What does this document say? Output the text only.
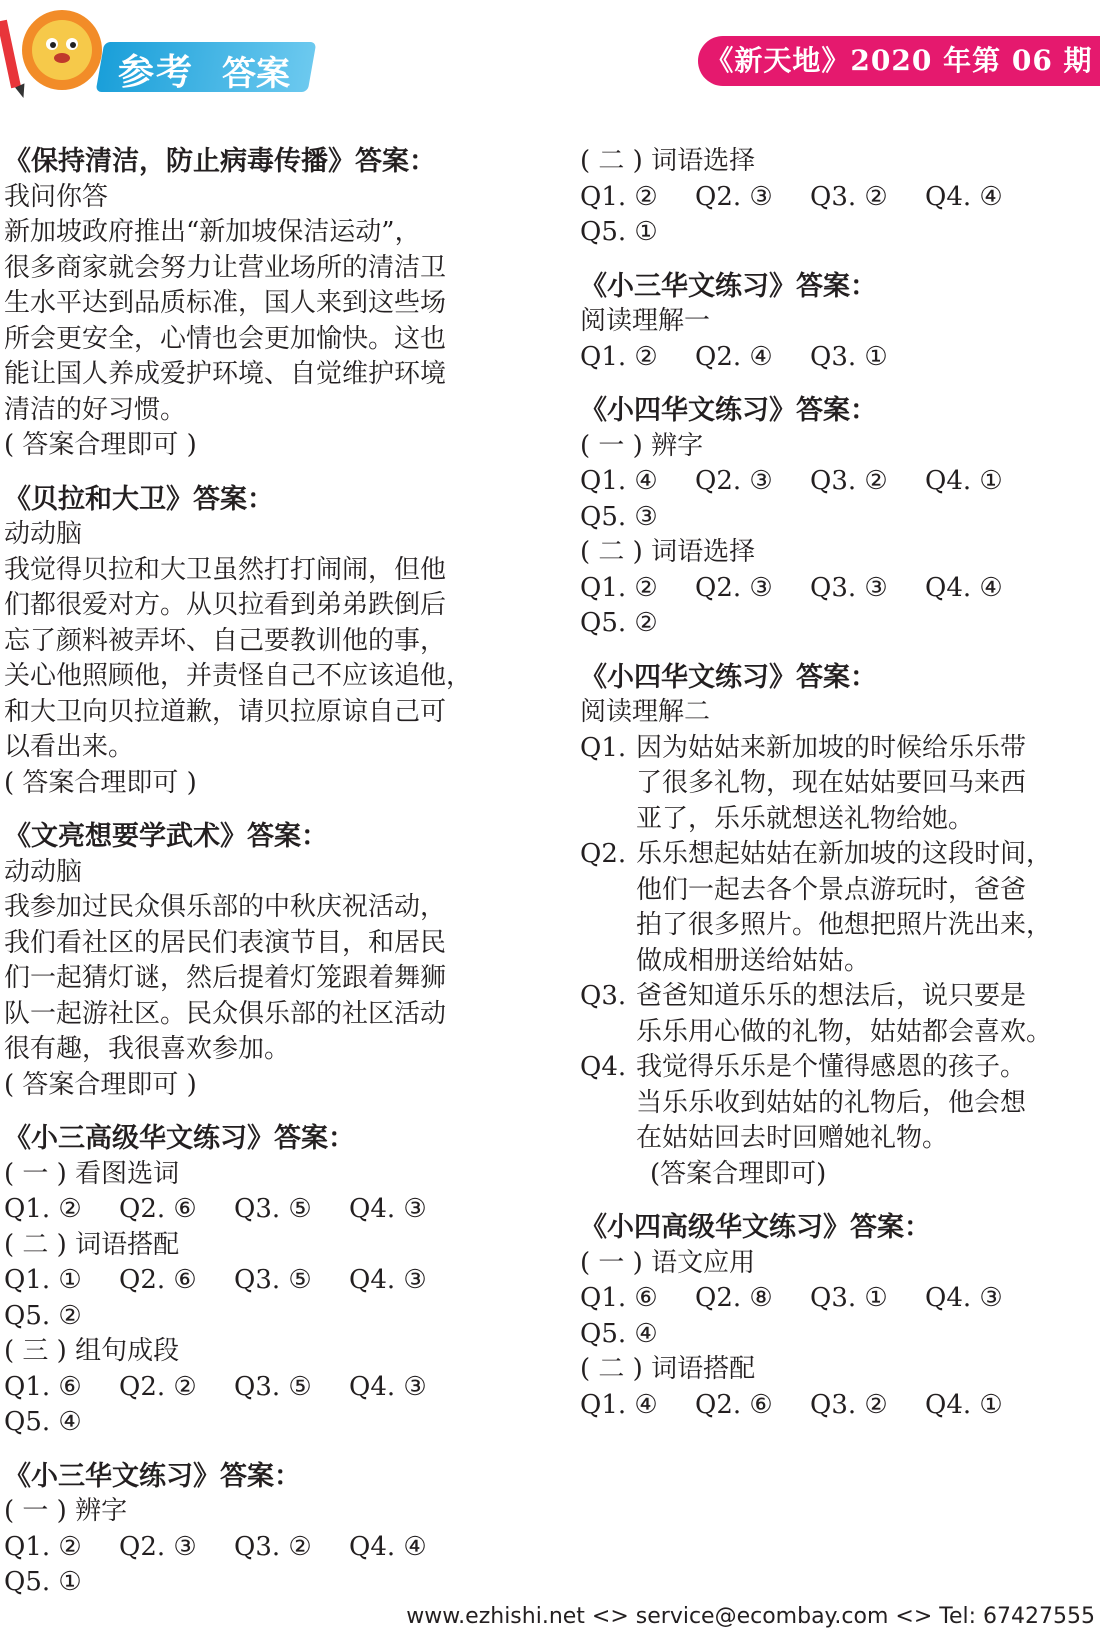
参考 答案	《新天地》2020 年第 06 期

《保持清洁，防止病毒传播》答案：

我问你答

新加坡政府推出“新加坡保洁运动”，

很多商家就会努力让营业场所的清洁卫

生水平达到品质标准，国人来到这些场

所会更安全，心情也会更加愉快。这也

能让国人养成爱护环境、自觉维护环境

清洁的好习惯。

( 答案合理即可 )

《贝拉和大卫》答案：

动动脑

我觉得贝拉和大卫虽然打打闹闹，但他

们都很爱对方。从贝拉看到弟弟跌倒后

忘了颜料被弄坏、自己要教训他的事，

关心他照顾他，并责怪自己不应该追他，

和大卫向贝拉道歉，请贝拉原谅自己可

以看出来。

( 答案合理即可 )

《文亮想要学武术》答案：

动动脑

我参加过民众俱乐部的中秋庆祝活动，

我们看社区的居民们表演节目，和居民

们一起猜灯谜，然后提着灯笼跟着舞狮

队一起游社区。民众俱乐部的社区活动

很有趣，我很喜欢参加。

( 答案合理即可 )

《小三高级华文练习》答案：

( 一 ) 看图选词

Q1. ②	Q2. ⑥	Q3. ⑤	Q4. ③

( 二 ) 词语搭配

Q1. ①	Q2. ⑥	Q3. ⑤	Q4. ③

Q5. ②

( 三 ) 组句成段

Q1. ⑥	Q2. ②	Q3. ⑤	Q4. ③

Q5. ④

《小三华文练习》答案：

( 一 ) 辨字

Q1. ②	Q2. ③	Q3. ②	Q4. ④

Q5. ①

( 二 ) 词语选择

Q1. ②	Q2. ③	Q3. ②	Q4. ④

Q5. ①

《小三华文练习》答案：

阅读理解一

Q1. ②	Q2. ④	Q3. ①

《小四华文练习》答案：

( 一 ) 辨字

Q1. ④	Q2. ③	Q3. ②	Q4. ①

Q5. ③

( 二 ) 词语选择

Q1. ②	Q2. ③	Q3. ③	Q4. ④

Q5. ②

《小四华文练习》答案：

阅读理解二

Q1. 因为姑姑来新加坡的时候给乐乐带

了很多礼物，现在姑姑要回马来西

亚了，乐乐就想送礼物给她。

Q2. 乐乐想起姑姑在新加坡的这段时间，

他们一起去各个景点游玩时，爸爸

拍了很多照片。他想把照片洗出来，

做成相册送给姑姑。

Q3. 爸爸知道乐乐的想法后，说只要是

乐乐用心做的礼物，姑姑都会喜欢。

Q4. 我觉得乐乐是个懂得感恩的孩子。

当乐乐收到姑姑的礼物后，他会想

在姑姑回去时回赠她礼物。

(答案合理即可)

《小四高级华文练习》答案：

( 一 ) 语文应用

Q1. ⑥	Q2. ⑧	Q3. ①	Q4. ③

Q5. ④

( 二 ) 词语搭配

Q1. ④	Q2. ⑥	Q3. ②	Q4. ①

www.ezhishi.net <> service@ecombay.com <> Tel: 67427555
